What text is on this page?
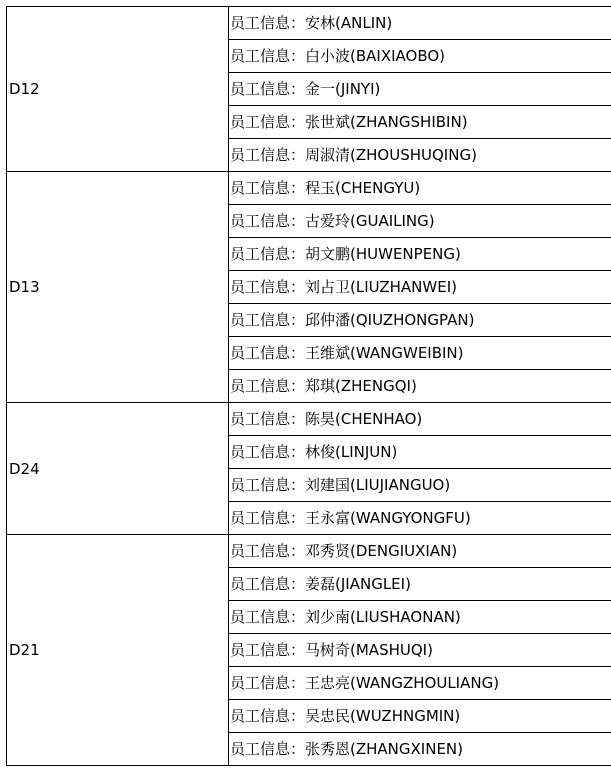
D12	员工信息：安林(ANLIN)
	员工信息：白小波(BAIXIAOBO)
	员工信息：金一(JINYI)
	员工信息：张世斌(ZHANGSHIBIN)
	员工信息：周淑清(ZHOUSHUQING)
D13	员工信息：程玉(CHENGYU)
	员工信息：古爱玲(GUAILING)
	员工信息：胡文鹏(HUWENPENG)
	员工信息：刘占卫(LIUZHANWEI)
	员工信息：邱仲潘(QIUZHONGPAN)
	员工信息：王维斌(WANGWEIBIN)
	员工信息：郑琪(ZHENGQI)
D24	员工信息：陈昊(CHENHAO)
	员工信息：林俊(LINJUN)
	员工信息：刘建国(LIUJIANGUO)
	员工信息：王永富(WANGYONGFU)
D21	员工信息：邓秀贤(DENGIUXIAN)
	员工信息：姜磊(JIANGLEI)
	员工信息：刘少南(LIUSHAONAN)
	员工信息：马树奇(MASHUQI)
	员工信息：王忠亮(WANGZHOULIANG)
	员工信息：吴忠民(WUZHNGMIN)
	员工信息：张秀恩(ZHANGXINEN)
